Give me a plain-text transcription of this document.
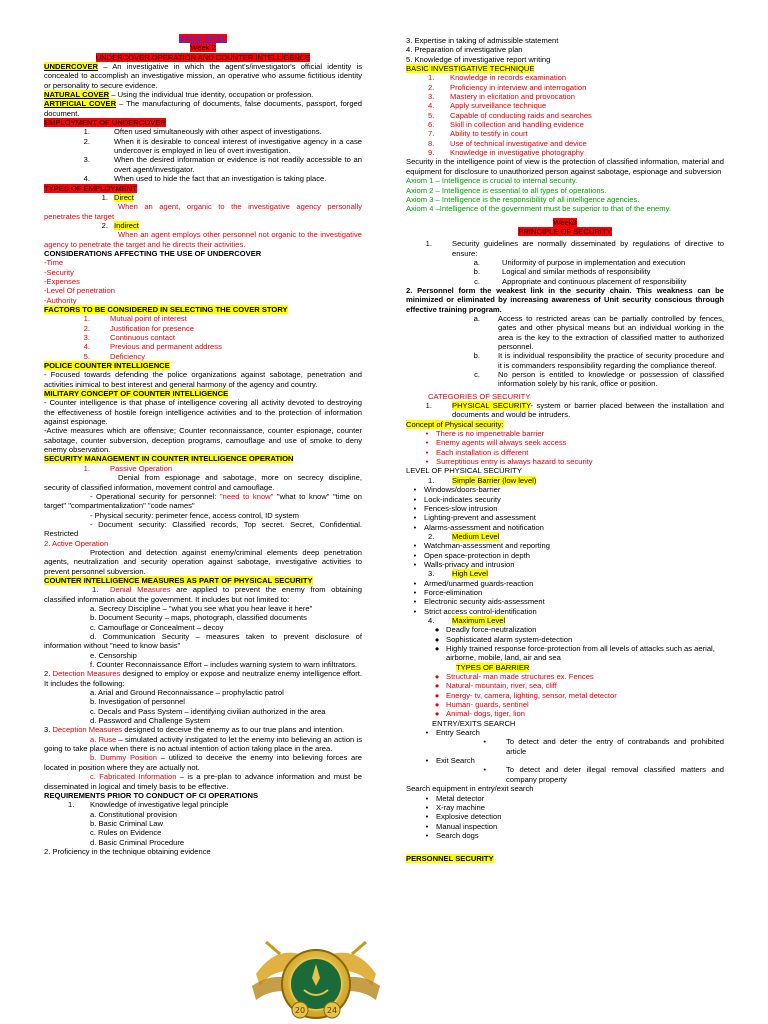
BASIC INTEL
Week 2
UNDERCOVER OPERATION AND COUNTER INTELLIGENCE
UNDERCOVER – An investigative in which the agent's/investigator's official identity is concealed to accomplish an investigative mission, an operative who assume fictitious identity or personality to secure evidence.
NATURAL COVER – Using the individual true identity, occupation or profession.
ARTIFICIAL COVER – The manufacturing of documents, false documents, passport, forged document.
EMPLOYMENT OF UNDERCOVER
1.	Often used simultaneously with other aspect of investigations.
2.	When it is desirable to conceal interest of investigative agency in a case undercover is employed in lieu of overt investigation.
3.	When the desired information or evidence is not readily accessible to an overt agent/investigator.
4.	When used to hide the fact that an investigation is taking place.
TYPES OF EMPLOYMENT
1. Direct
When an agent, organic to the investigative agency personally penetrates the target
2. Indirect
When an agent employs other personnel not organic to the investigative agency to penetrate the target and he directs their activities.
CONSIDERATIONS AFFECTING THE USE OF UNDERCOVER
-Time
-Security
-Expenses
-Level Of penetration
-Authority
FACTORS TO BE CONSIDERED IN SELECTING THE COVER STORY
1.	Mutual point of interest
2.	Justification for presence
3.	Continuous contact
4.	Previous and permanent address
5.	Deficiency
POLICE COUNTER INTELLIGENCE
- Focused towards defending the police organizations against sabotage, penetration and activities inimical to best interest and general harmony of the agency and country.
MILITARY CONCEPT OF COUNTER INTELLIGENCE
- Counter intelligence is that phase of intelligence covering all activity devoted to destroying the effectiveness of hostile foreign intelligence activities and to the protection of information against espionage.
-Active measures which are offensive; Counter reconnaissance, counter espionage, counter sabotage, counter subversion, deception programs, camouflage and use of smoke to deny enemy observation.
SECURITY MANAGEMENT IN COUNTER INTELLIGENCE OPERATION
1.	Passive Operation
Denial from espionage and sabotage, more on secrecy discipline, security of classified information, movement control and camouflage.
- Operational security for personnel: "need to know" "what to know" "time on target" "compartmentalization" "code names"
- Physical security: perimeter fence, access control, ID system
- Document security: Classified records, Top secret. Secret, Confidential. Restricted
2. Active Operation
Protection and detection against enemy/criminal elements deep penetration agents, neutralization and security operation against sabotage, investigative activities to prevent personnel subversion.
COUNTER INTELLIGENCE MEASURES AS PART OF PHYSICAL SECURITY
1. Denial Measures are applied to prevent the enemy from obtaining classified information about the government. It includes but not limited to:
a. Secrecy Discipline – "what you see what you hear leave it here"
b. Document Security – maps, photograph, classified documents
c. Camouflage or Concealment – decoy
d. Communication Security – measures taken to prevent disclosure of information without "need to know basis"
e. Censorship
f. Counter Reconnaissance Effort – includes warning system to warn infiltrators.
2. Detection Measures designed to employ or expose and neutralize enemy intelligence effort. It includes the following:
a. Arial and Ground Reconnaissance – prophylactic patrol
b. Investigation of personnel
c. Decals and Pass System – identifying civilian authorized in the area
d. Password and Challenge System
3. Deception Measures designed to deceive the enemy as to our true plans and intention.
a. Ruse – simulated activity instigated to let the enemy into believing an action is going to take place when there is no actual intention of action taking place in the area.
b. Dummy Position – utilized to deceive the enemy into believing forces are located in position where they are actually not.
c. Fabricated Information – is a pre-plan to advance information and must be disseminated in logical and timely basis to be effective.
REQUIREMENTS PRIOR TO CONDUCT OF CI OPERATIONS
1. Knowledge of investigative legal principle
a. Constitutional provision
b. Basic Criminal Law
c. Rules on Evidence
d. Basic Criminal Procedure
2. Proficiency in the technique obtaining evidence
3. Expertise in taking of admissible statement
4. Preparation of investigative plan
5. Knowledge of investigative report writing
BASIC INVESTIGATIVE TECHNIQUE
1. Knowledge in records examination
2. Proficiency in interview and interrogation
3. Mastery in elicitation and provocation
4. Apply surveillance technique
5. Capable of conducting raids and searches
6. Skill in collection and handling evidence
7. Ability to testify in court
8. Use of technical investigative and device
9. Knowledge in investigative photography
Security in the intelligence point of view is the protection of classified information, material and equipment for disclosure to unauthorized person against sabotage, espionage and subversion
Axiom 1 – Intelligence is crucial to internal security.
Axiom 2 – Intelligence is essential to all types of operations.
Axiom 3 – Intelligence is the responsibility of all intelligence agencies.
Axiom 4 –Intelligence of the government must be superior to that of the enemy.
Week3
PRINCIPLE OF SECURITY
1.	Security guidelines are normally disseminated by regulations of directive to ensure:
a.	Uniformity of purpose in implementation and execution
b.	Logical and similar methods of responsibility
c.	Appropriate and continuous placement of responsibility
2. Personnel form the weakest link in the security chain. This weakness can be minimized or eliminated by increasing awareness of Unit security conscious through effective training program.
a.	Access to restricted areas can be partially controlled by fences, gates and other physical means but an individual working in the area is the key to the extraction of classified matter to authorized personnel.
b.	It is individual responsibility the practice of security procedure and it is commanders responsibility regarding the compliance thereof.
c.	No person is entitled to knowledge or possession of classified information solely by his rank, office or position.
CATEGORIES OF SECURITY
1.	PHYSICAL SECURITY- system or barrier placed between the installation and documents and would be intruders.
Concept of Physical security:
•	There is no impenetrable barrier
•	Enemy agents will always seek access
•	Each installation is different
•	Surreptitious entry is always hazard to security
LEVEL OF PHYSICAL SECURITY
1. Simple Barrier (low level)
•	Windows/doors-barrier
•	Lock-indicates security
•	Fences-slow intrusion
•	Lighting-prevent and assessment
•	Alarms-assessment and notification
2. Medium Level
•	Watchman-assessment and reporting
•	Open space-protection in depth
•	Walls-privacy and intrusion
3. High Level
•	Armed/unarmed guards-reaction
•	Force-elimination
•	Electronic security aids-assessment
•	Strict access control-identification
4. Maximum Level
● Deadly force-neutralization
● Sophisticated alarm system-detection
● Highly trained response force-protection from all levels of attacks such as aerial, airborne, mobile, land, air and sea
TYPES OF BARRIER
● Structural- man made structures ex. Fences
● Natural- mountain, river, sea, cliff
● Energy- tv, camera, lighting, sensor, metal detector
● Human- guards, sentinel
● Animal- dogs, tiger, lion
ENTRY/EXITS SEARCH
•	Entry Search
•	To detect and deter the entry of contrabands and prohibited article
•	Exit Search
•	To detect and deter illegal removal classified matters and company property
Search equipment in entry/exit search
•	Metal detector
•	X-ray machine
•	Explosive detection
•	Manual inspection
•	Search dogs
PERSONNEL SECURITY
20	24
